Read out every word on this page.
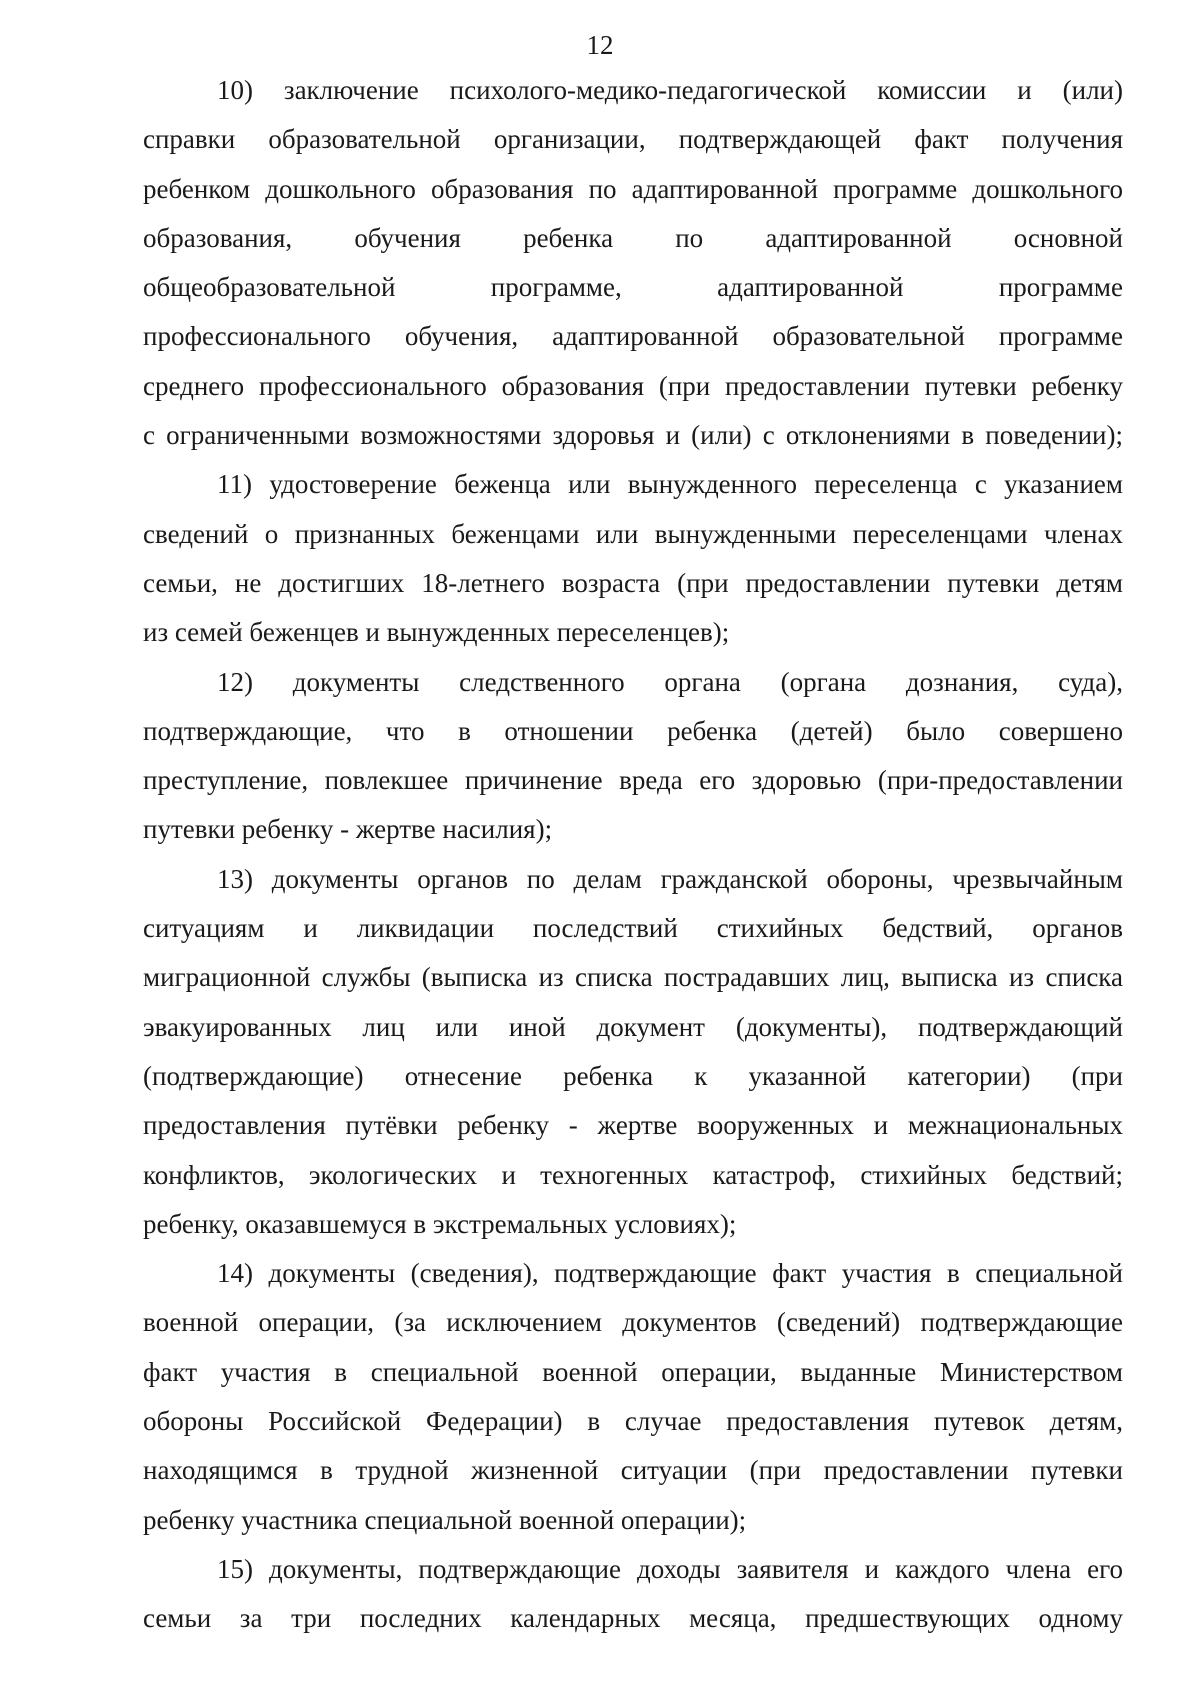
12
10) заключение психолого-медико-педагогической комиссии и (или)
справки образовательной организации, подтверждающей факт получения
ребенком дошкольного образования по адаптированной программе дошкольного
образования, обучения ребенка по адаптированной основной
общеобразовательной программе, адаптированной программе
профессионального обучения, адаптированной образовательной программе
среднего профессионального образования (при предоставлении путевки ребенку
с ограниченными возможностями здоровья и (или) с отклонениями в поведении);
11) удостоверение беженца или вынужденного переселенца с указанием
сведений о признанных беженцами или вынужденными переселенцами членах
семьи, не достигших 18-летнего возраста (при предоставлении путевки детям
из семей беженцев и вынужденных переселенцев);
12) документы следственного органа (органа дознания, суда),
подтверждающие, что в отношении ребенка (детей) было совершено
преступление, повлекшее причинение вреда его здоровью (при-предоставлении
путевки ребенку - жертве насилия);
13) документы органов по делам гражданской обороны, чрезвычайным
ситуациям и ликвидации последствий стихийных бедствий, органов
миграционной службы (выписка из списка пострадавших лиц, выписка из списка
эвакуированных лиц или иной документ (документы), подтверждающий
(подтверждающие) отнесение ребенка к указанной категории) (при
предоставления путёвки ребенку - жертве вооруженных и межнациональных
конфликтов, экологических и техногенных катастроф, стихийных бедствий;
ребенку, оказавшемуся в экстремальных условиях);
14) документы (сведения), подтверждающие факт участия в специальной
военной операции, (за исключением документов (сведений) подтверждающие
факт участия в специальной военной операции, выданные Министерством
обороны Российской Федерации) в случае предоставления путевок детям,
находящимся в трудной жизненной ситуации (при предоставлении путевки
ребенку участника специальной военной операции);
15) документы, подтверждающие доходы заявителя и каждого члена его
семьи за три последних календарных месяца, предшествующих одному
